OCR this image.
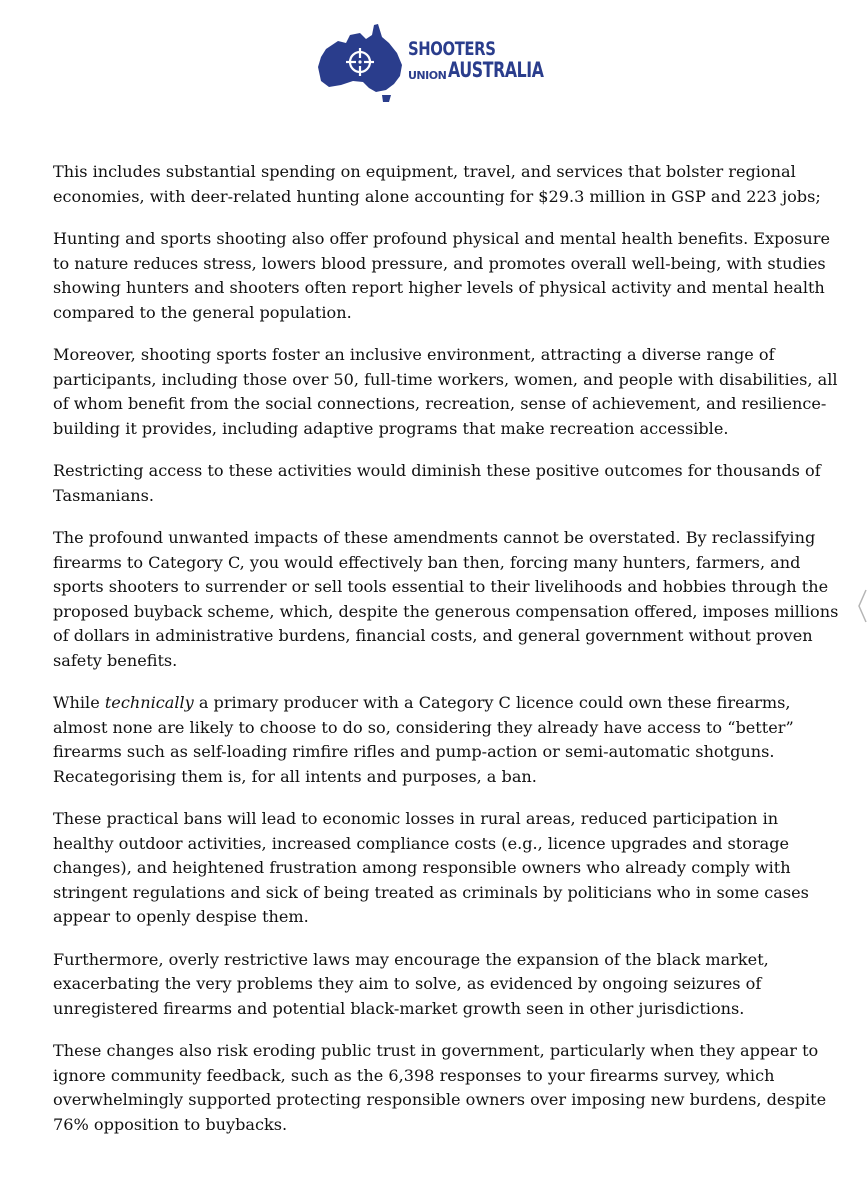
SHOOTERS
UNIONAUSTRALIA

This includes substantial spending on equipment, travel, and services that bolster regional economies, with deer-related hunting alone accounting for $29.3 million in GSP and 223 jobs;

Hunting and sports shooting also offer profound physical and mental health benefits. Exposure to nature reduces stress, lowers blood pressure, and promotes overall well-being, with studies showing hunters and shooters often report higher levels of physical activity and mental health compared to the general population.

Moreover, shooting sports foster an inclusive environment, attracting a diverse range of participants, including those over 50, full-time workers, women, and people with disabilities, all of whom benefit from the social connections, recreation, sense of achievement, and resilience-building it provides, including adaptive programs that make recreation accessible.

Restricting access to these activities would diminish these positive outcomes for thousands of Tasmanians.

The profound unwanted impacts of these amendments cannot be overstated. By reclassifying firearms to Category C, you would effectively ban then, forcing many hunters, farmers, and sports shooters to surrender or sell tools essential to their livelihoods and hobbies through the proposed buyback scheme, which, despite the generous compensation offered, imposes millions of dollars in administrative burdens, financial costs, and general government without proven safety benefits.

While technically a primary producer with a Category C licence could own these firearms, almost none are likely to choose to do so, considering they already have access to “better” firearms such as self-loading rimfire rifles and pump-action or semi-automatic shotguns. Recategorising them is, for all intents and purposes, a ban.

These practical bans will lead to economic losses in rural areas, reduced participation in healthy outdoor activities, increased compliance costs (e.g., licence upgrades and storage changes), and heightened frustration among responsible owners who already comply with stringent regulations and sick of being treated as criminals by politicians who in some cases appear to openly despise them.

Furthermore, overly restrictive laws may encourage the expansion of the black market, exacerbating the very problems they aim to solve, as evidenced by ongoing seizures of unregistered firearms and potential black-market growth seen in other jurisdictions.

These changes also risk eroding public trust in government, particularly when they appear to ignore community feedback, such as the 6,398 responses to your firearms survey, which overwhelmingly supported protecting responsible owners over imposing new burdens, despite 76% opposition to buybacks.
